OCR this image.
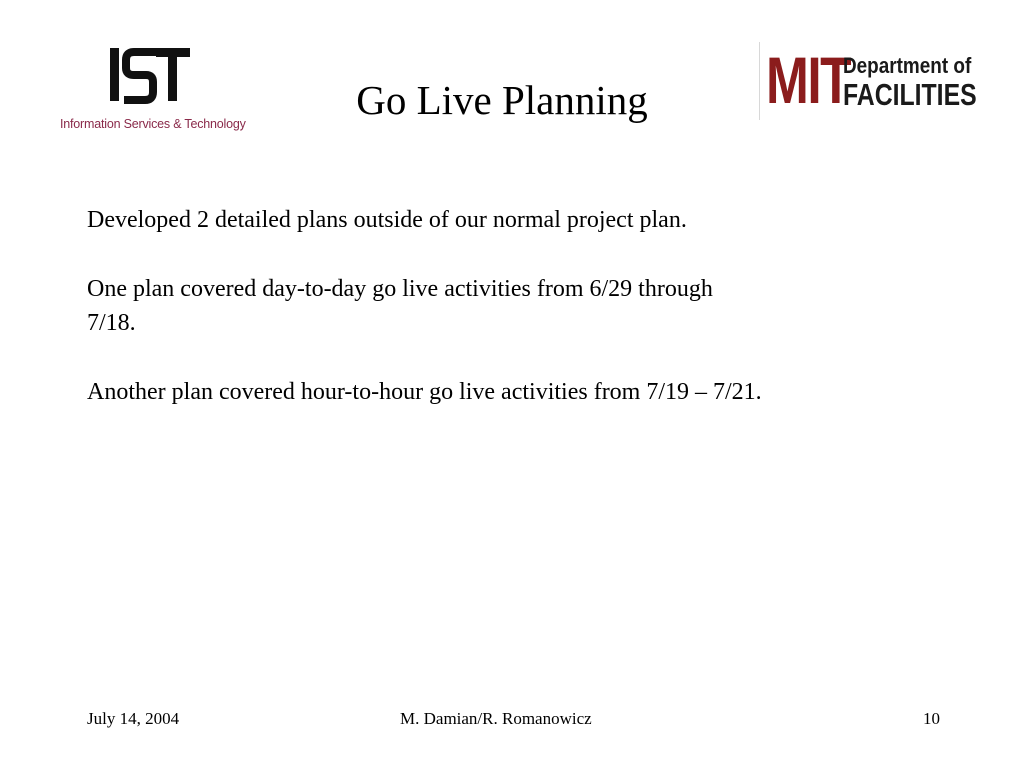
Information Services & Technology
Go Live Planning	MIT
Department of
FACILITIES

Developed 2 detailed plans outside of our normal project plan.

One plan covered day-to-day go live activities from 6/29 through 7/18.

Another plan covered hour-to-hour go live activities from 7/19 – 7/21.

July 14, 2004	M. Damian/R. Romanowicz	10
